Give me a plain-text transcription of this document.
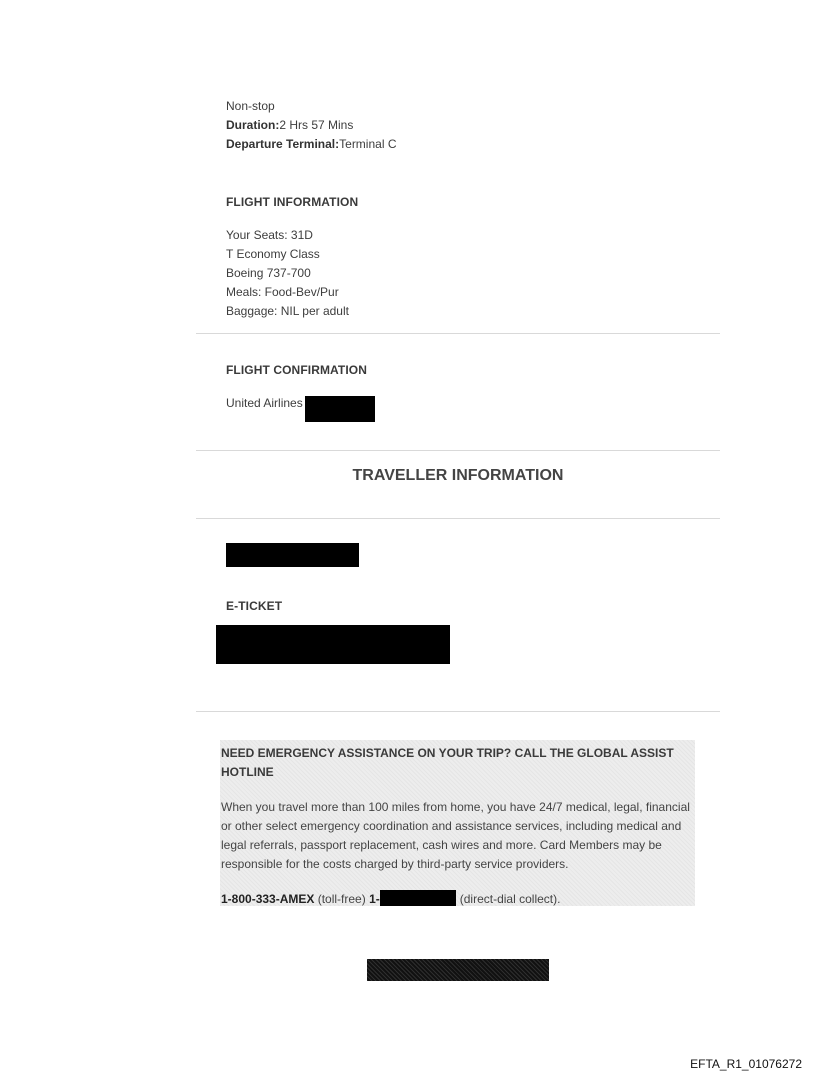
Non-stop
Duration:2 Hrs 57 Mins
Departure Terminal:Terminal C
FLIGHT INFORMATION
Your Seats: 31D
T Economy Class
Boeing 737-700
Meals: Food-Bev/Pur
Baggage: NIL per adult
FLIGHT CONFIRMATION
United Airlines
TRAVELLER INFORMATION
E-TICKET
NEED EMERGENCY ASSISTANCE ON YOUR TRIP? CALL THE GLOBAL ASSIST HOTLINE
When you travel more than 100 miles from home, you have 24/7 medical, legal, financial or other select emergency coordination and assistance services, including medical and legal referrals, passport replacement, cash wires and more. Card Members may be responsible for the costs charged by third-party service providers.
1-800-333-AMEX (toll-free) 1-	(direct-dial collect).
EFTA_R1_01076272
